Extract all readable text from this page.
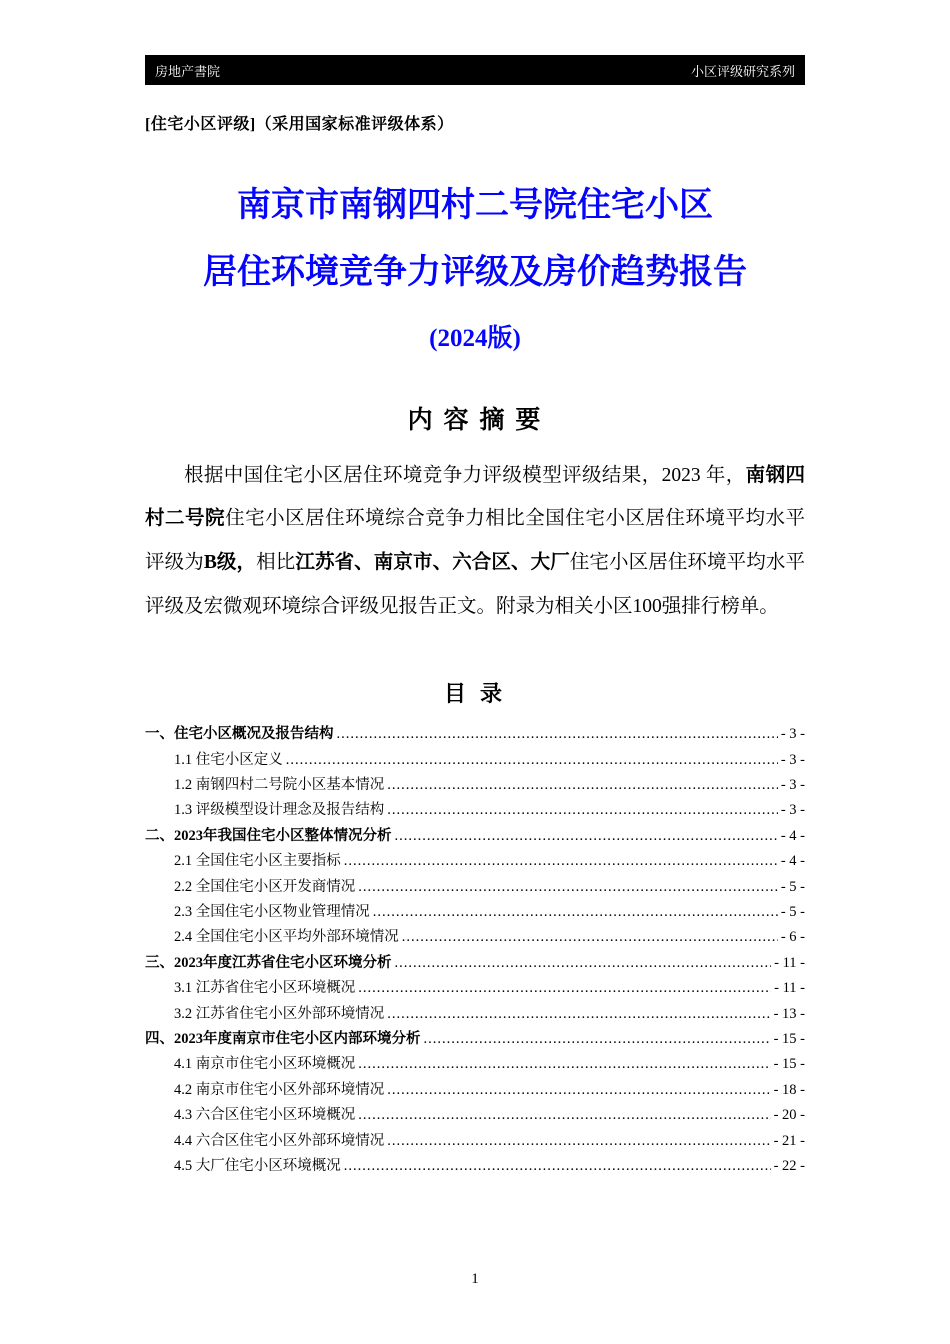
房地产書院	小区评级研究系列
[住宅小区评级]（采用国家标准评级体系）
南京市南钢四村二号院住宅小区
居住环境竞争力评级及房价趋势报告
(2024版)
内 容 摘 要

根据中国住宅小区居住环境竞争力评级模型评级结果，2023 年，南钢四村二号院住宅小区居住环境综合竞争力相比全国住宅小区居住环境平均水平评级为B级，相比江苏省、南京市、六合区、大厂住宅小区居住环境平均水平评级及宏微观环境综合评级见报告正文。附录为相关小区100强排行榜单。

目 录
一、住宅小区概况及报告结构 .....	- 3 -
1.1 住宅小区定义 .....	- 3 -
1.2 南钢四村二号院小区基本情况 .....	- 3 -
1.3 评级模型设计理念及报告结构 .....	- 3 -
二、2023年我国住宅小区整体情况分析 .....	- 4 -
2.1 全国住宅小区主要指标 .....	- 4 -
2.2 全国住宅小区开发商情况 .....	- 5 -
2.3 全国住宅小区物业管理情况 .....	- 5 -
2.4 全国住宅小区平均外部环境情况 .....	- 6 -
三、2023年度江苏省住宅小区环境分析 .....	- 11 -
3.1 江苏省住宅小区环境概况 .....	- 11 -
3.2 江苏省住宅小区外部环境情况 .....	- 13 -
四、2023年度南京市住宅小区内部环境分析 .....	- 15 -
4.1 南京市住宅小区环境概况 .....	- 15 -
4.2 南京市住宅小区外部环境情况 .....	- 18 -
4.3 六合区住宅小区环境概况 .....	- 20 -
4.4 六合区住宅小区外部环境情况 .....	- 21 -
4.5 大厂住宅小区环境概况 .....	- 22 -
1
